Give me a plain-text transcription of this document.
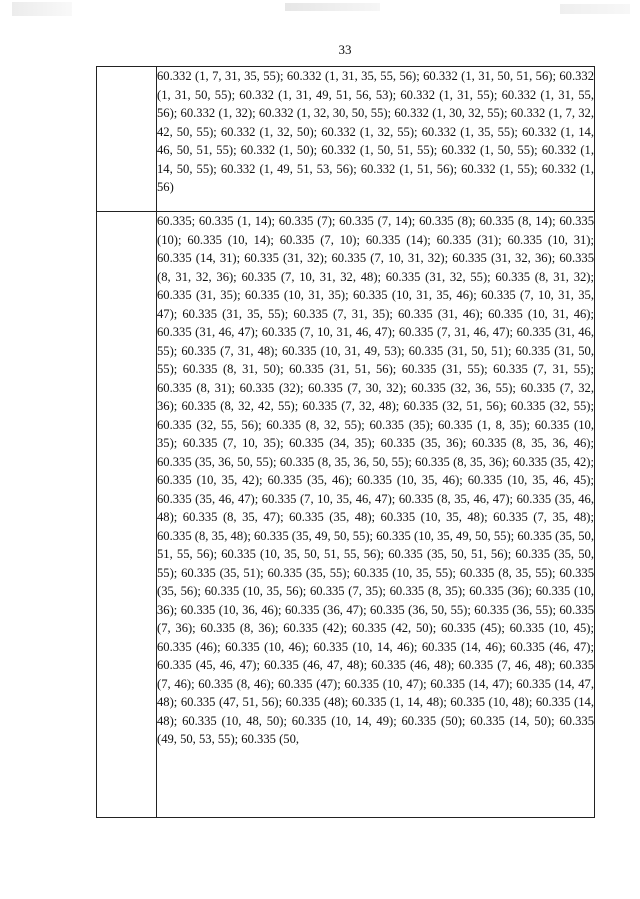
33
	60.332 (1, 7, 31, 35, 55); 60.332 (1, 31, 35, 55, 56); 60.332 (1, 31, 50, 51, 56); 60.332 (1, 31, 50, 55); 60.332 (1, 31, 49, 51, 56, 53); 60.332 (1, 31, 55); 60.332 (1, 31, 55, 56); 60.332 (1, 32); 60.332 (1, 32, 30, 50, 55); 60.332 (1, 30, 32, 55); 60.332 (1, 7, 32, 42, 50, 55); 60.332 (1, 32, 50); 60.332 (1, 32, 55); 60.332 (1, 35, 55); 60.332 (1, 14, 46, 50, 51, 55); 60.332 (1, 50); 60.332 (1, 50, 51, 55); 60.332 (1, 50, 55); 60.332 (1, 14, 50, 55); 60.332 (1, 49, 51, 53, 56); 60.332 (1, 51, 56); 60.332 (1, 55); 60.332 (1, 56)
	60.335; 60.335 (1, 14); 60.335 (7); 60.335 (7, 14); 60.335 (8); 60.335 (8, 14); 60.335 (10); 60.335 (10, 14); 60.335 (7, 10); 60.335 (14); 60.335 (31); 60.335 (10, 31); 60.335 (14, 31); 60.335 (31, 32); 60.335 (7, 10, 31, 32); 60.335 (31, 32, 36); 60.335 (8, 31, 32, 36); 60.335 (7, 10, 31, 32, 48); 60.335 (31, 32, 55); 60.335 (8, 31, 32); 60.335 (31, 35); 60.335 (10, 31, 35); 60.335 (10, 31, 35, 46); 60.335 (7, 10, 31, 35, 47); 60.335 (31, 35, 55); 60.335 (7, 31, 35); 60.335 (31, 46); 60.335 (10, 31, 46); 60.335 (31, 46, 47); 60.335 (7, 10, 31, 46, 47); 60.335 (7, 31, 46, 47); 60.335 (31, 46, 55); 60.335 (7, 31, 48); 60.335 (10, 31, 49, 53); 60.335 (31, 50, 51); 60.335 (31, 50, 55); 60.335 (8, 31, 50); 60.335 (31, 51, 56); 60.335 (31, 55); 60.335 (7, 31, 55); 60.335 (8, 31); 60.335 (32); 60.335 (7, 30, 32); 60.335 (32, 36, 55); 60.335 (7, 32, 36); 60.335 (8, 32, 42, 55); 60.335 (7, 32, 48); 60.335 (32, 51, 56); 60.335 (32, 55); 60.335 (32, 55, 56); 60.335 (8, 32, 55); 60.335 (35); 60.335 (1, 8, 35); 60.335 (10, 35); 60.335 (7, 10, 35); 60.335 (34, 35); 60.335 (35, 36); 60.335 (8, 35, 36, 46); 60.335 (35, 36, 50, 55); 60.335 (8, 35, 36, 50, 55); 60.335 (8, 35, 36); 60.335 (35, 42); 60.335 (10, 35, 42); 60.335 (35, 46); 60.335 (10, 35, 46); 60.335 (10, 35, 46, 45); 60.335 (35, 46, 47); 60.335 (7, 10, 35, 46, 47); 60.335 (8, 35, 46, 47); 60.335 (35, 46, 48); 60.335 (8, 35, 47); 60.335 (35, 48); 60.335 (10, 35, 48); 60.335 (7, 35, 48); 60.335 (8, 35, 48); 60.335 (35, 49, 50, 55); 60.335 (10, 35, 49, 50, 55); 60.335 (35, 50, 51, 55, 56); 60.335 (10, 35, 50, 51, 55, 56); 60.335 (35, 50, 51, 56); 60.335 (35, 50, 55); 60.335 (35, 51); 60.335 (35, 55); 60.335 (10, 35, 55); 60.335 (8, 35, 55); 60.335 (35, 56); 60.335 (10, 35, 56); 60.335 (7, 35); 60.335 (8, 35); 60.335 (36); 60.335 (10, 36); 60.335 (10, 36, 46); 60.335 (36, 47); 60.335 (36, 50, 55); 60.335 (36, 55); 60.335 (7, 36); 60.335 (8, 36); 60.335 (42); 60.335 (42, 50); 60.335 (45); 60.335 (10, 45); 60.335 (46); 60.335 (10, 46); 60.335 (10, 14, 46); 60.335 (14, 46); 60.335 (46, 47); 60.335 (45, 46, 47); 60.335 (46, 47, 48); 60.335 (46, 48); 60.335 (7, 46, 48); 60.335 (7, 46); 60.335 (8, 46); 60.335 (47); 60.335 (10, 47); 60.335 (14, 47); 60.335 (14, 47, 48); 60.335 (47, 51, 56); 60.335 (48); 60.335 (1, 14, 48); 60.335 (10, 48); 60.335 (14, 48); 60.335 (10, 48, 50); 60.335 (10, 14, 49); 60.335 (50); 60.335 (14, 50); 60.335 (49, 50, 53, 55); 60.335 (50,
